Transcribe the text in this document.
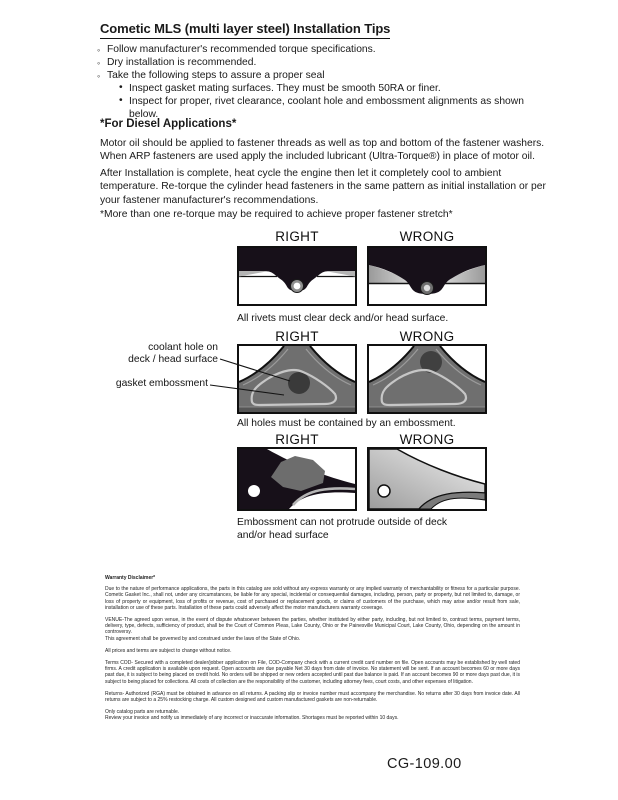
Cometic MLS (multi layer steel) Installation Tips
◦ Follow manufacturer's recommended torque specifications.
◦ Dry installation is recommended.
◦ Take the following steps to assure a proper seal
• Inspect gasket mating surfaces. They must be smooth 50RA or finer.
• Inspect for proper, rivet clearance, coolant hole and embossment alignments as shown below.
*For Diesel Applications*
Motor oil should be applied to fastener threads as well as top and bottom of the fastener washers. When ARP fasteners are used apply the included lubricant (Ultra-Torque®) in place of motor oil.
After Installation is complete, heat cycle the engine then let it completely cool to ambient temperature. Re-torque the cylinder head fasteners in the same pattern as initial installation or per your fastener manufacturer's recommendations.
*More than one re-torque may be required to achieve proper fastener stretch*
RIGHT	WRONG
All rivets must clear deck and/or head surface.
RIGHT	WRONG
coolant hole on
deck / head surface
gasket embossment
All holes must be contained by an embossment.
RIGHT	WRONG
Embossment can not protrude outside of deck
and/or head surface
Warranty Disclaimer*

Due to the nature of performance applications, the parts in this catalog are sold without any express warranty or any implied warranty of merchantability or fitness for a particular purpose. Cometic Gasket Inc., shall not, under any circumstances, be liable for any special, incidental or consequential damages, including, person, party or property, but not limited to, damage, or loss of property or equipment, loss of profits or revenue, cost of purchased or replacement goods, or claims of customers of the purchase, which may arise and/or result from sale, installation or use of these parts. Installation of these parts could adversely affect the motor manufacturers warranty coverage.

VENUE-The agreed upon venue, in the event of dispute whatsoever between the parties, whether instituted by either party, including, but not limited to, contract terms, payment terms, delivery, type, defects, sufficiency of product, shall be the Court of Common Pleas, Lake County, Ohio or the Painesville Municipal Court, Lake County, Ohio, depending on the amount in controversy.

This agreement shall be governed by and construed under the laws of the State of Ohio.

All prices and terms are subject to change without notice.

Terms COD- Secured with a completed dealer/jobber application on File, COD-Company check with a current credit card number on file. Open accounts may be established by well rated firms. A credit application is available upon request. Open accounts are due payable Net 30 days from date of invoice. No statement will be sent. If an account becomes 60 or more days past due, it is subject to being placed on credit hold. No orders will be shipped or new orders accepted until past due balance is paid. If an account becomes 90 or more days past due, it is subject to being placed for collections. All costs of collection are the responsibility of the customer, including attorney fees, court costs, and other expenses of litigation.

Returns- Authorized (RGA) must be obtained in advance on all returns. A packing slip or invoice number must accompany the merchandise. No returns after 30 days from invoice date. All returns are subject to a 25% restocking charge. All custom designed and custom manufactured gaskets are non-returnable.

Only catalog parts are returnable.

Review your invoice and notify us immediately of any incorrect or inaccurate information. Shortages must be reported within 10 days.

CG-109.00
